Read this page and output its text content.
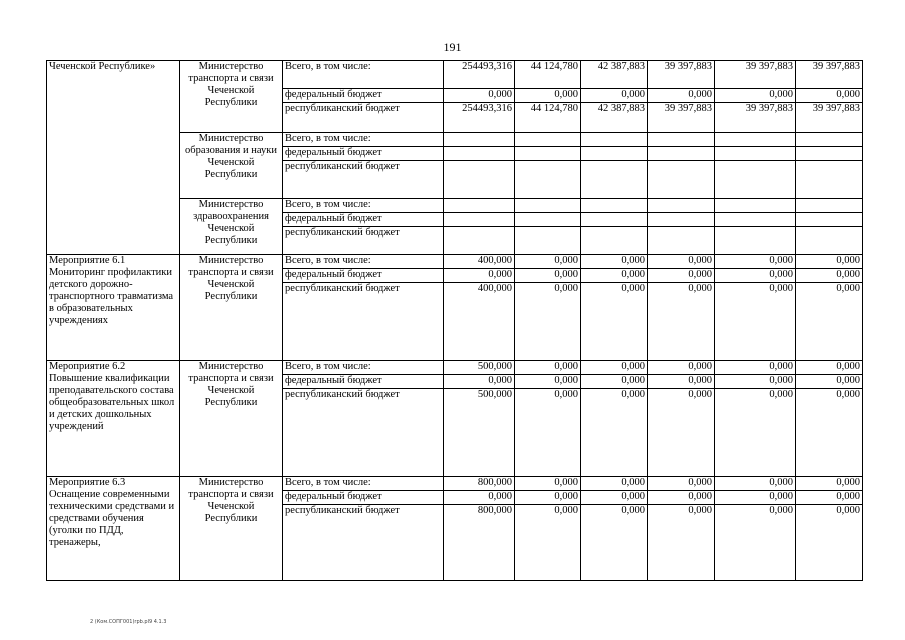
191
Чеченской Республике»	Министерство транспорта и связи Чеченской Республики	Всего, в том числе:	254493,316	44 124,780	42 387,883	39 397,883	39 397,883	39 397,883
		федеральный бюджет	0,000	0,000	0,000	0,000	0,000	0,000
		республиканский бюджет	254493,316	44 124,780	42 387,883	39 397,883	39 397,883	39 397,883
	Министерство образования и науки Чеченской Республики	Всего, в том числе:						
		федеральный бюджет						
		республиканский бюджет						
	Министерство здравоохранения Чеченской Республики	Всего, в том числе:						
		федеральный бюджет						
		республиканский бюджет						
Мероприятие 6.1 Мониторинг профилактики детского дорожно-транспортного травматизма в образовательных учреждениях	Министерство транспорта и связи Чеченской Республики	Всего, в том числе:	400,000	0,000	0,000	0,000	0,000	0,000
		федеральный бюджет	0,000	0,000	0,000	0,000	0,000	0,000
		республиканский бюджет	400,000	0,000	0,000	0,000	0,000	0,000
Мероприятие 6.2 Повышение квалификации преподавательского состава общеобразовательных школ и детских дошкольных учреждений	Министерство транспорта и связи Чеченской Республики	Всего, в том числе:	500,000	0,000	0,000	0,000	0,000	0,000
		федеральный бюджет	0,000	0,000	0,000	0,000	0,000	0,000
		республиканский бюджет	500,000	0,000	0,000	0,000	0,000	0,000
Мероприятие 6.3 Оснащение современными техническими средствами и средствами обучения (уголки по ПДД, тренажеры,	Министерство транспорта и связи Чеченской Республики	Всего, в том числе:	800,000	0,000	0,000	0,000	0,000	0,000
		федеральный бюджет	0,000	0,000	0,000	0,000	0,000	0,000
		республиканский бюджет	800,000	0,000	0,000	0,000	0,000	0,000
2 (Ком.СОПГ001)rpb.pl9 4.1.3
